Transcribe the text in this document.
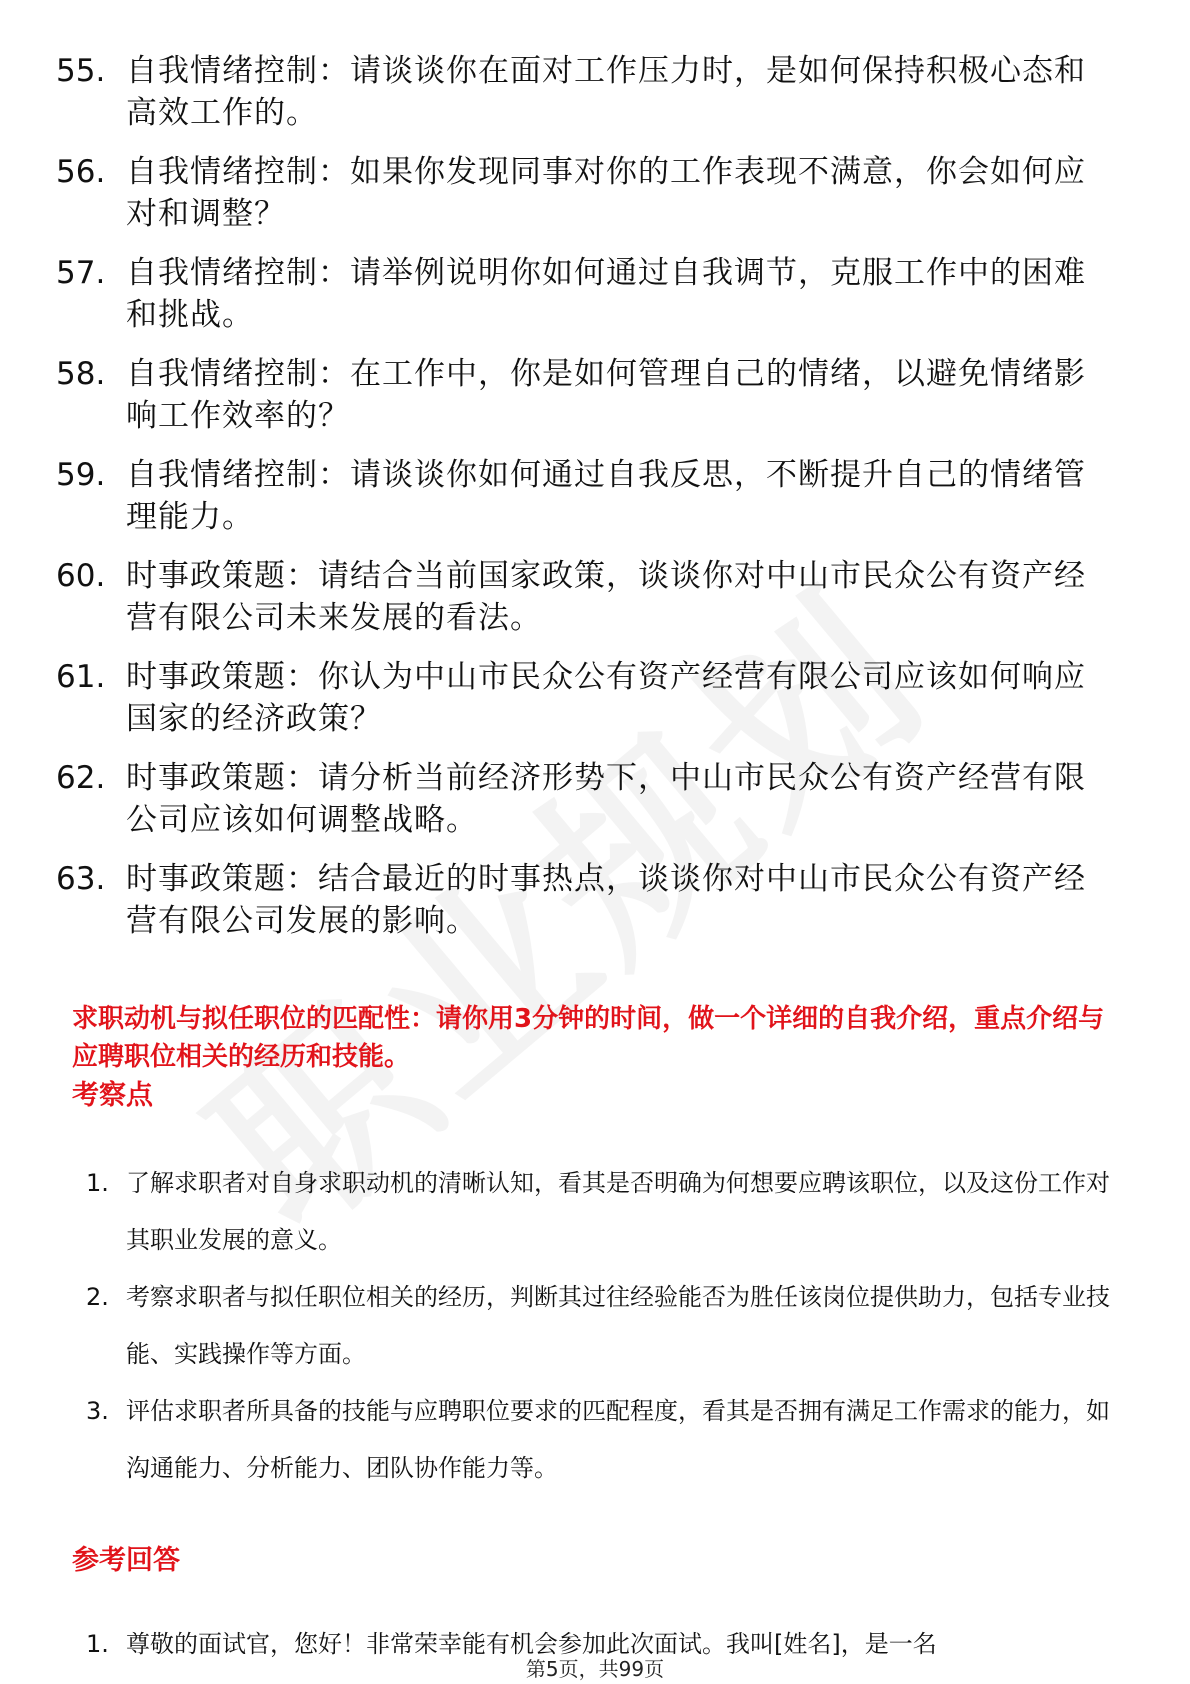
55. 自我情绪控制：请谈谈你在面对工作压力时，是如何保持积极心态和高效工作的。
56. 自我情绪控制：如果你发现同事对你的工作表现不满意，你会如何应对和调整？
57. 自我情绪控制：请举例说明你如何通过自我调节，克服工作中的困难和挑战。
58. 自我情绪控制：在工作中，你是如何管理自己的情绪，以避免情绪影响工作效率的？
59. 自我情绪控制：请谈谈你如何通过自我反思，不断提升自己的情绪管理能力。
60. 时事政策题：请结合当前国家政策，谈谈你对中山市民众公有资产经营有限公司未来发展的看法。
61. 时事政策题：你认为中山市民众公有资产经营有限公司应该如何响应国家的经济政策？
62. 时事政策题：请分析当前经济形势下，中山市民众公有资产经营有限公司应该如何调整战略。
63. 时事政策题：结合最近的时事热点，谈谈你对中山市民众公有资产经营有限公司发展的影响。
求职动机与拟任职位的匹配性：请你用3分钟的时间，做一个详细的自我介绍，重点介绍与应聘职位相关的经历和技能。
考察点
1. 了解求职者对自身求职动机的清晰认知，看其是否明确为何想要应聘该职位，以及这份工作对其职业发展的意义。
2. 考察求职者与拟任职位相关的经历，判断其过往经验能否为胜任该岗位提供助力，包括专业技能、实践操作等方面。
3. 评估求职者所具备的技能与应聘职位要求的匹配程度，看其是否拥有满足工作需求的能力，如沟通能力、分析能力、团队协作能力等。
参考回答
1. 尊敬的面试官，您好！非常荣幸能有机会参加此次面试。我叫[姓名]，是一名
第5页，共99页
